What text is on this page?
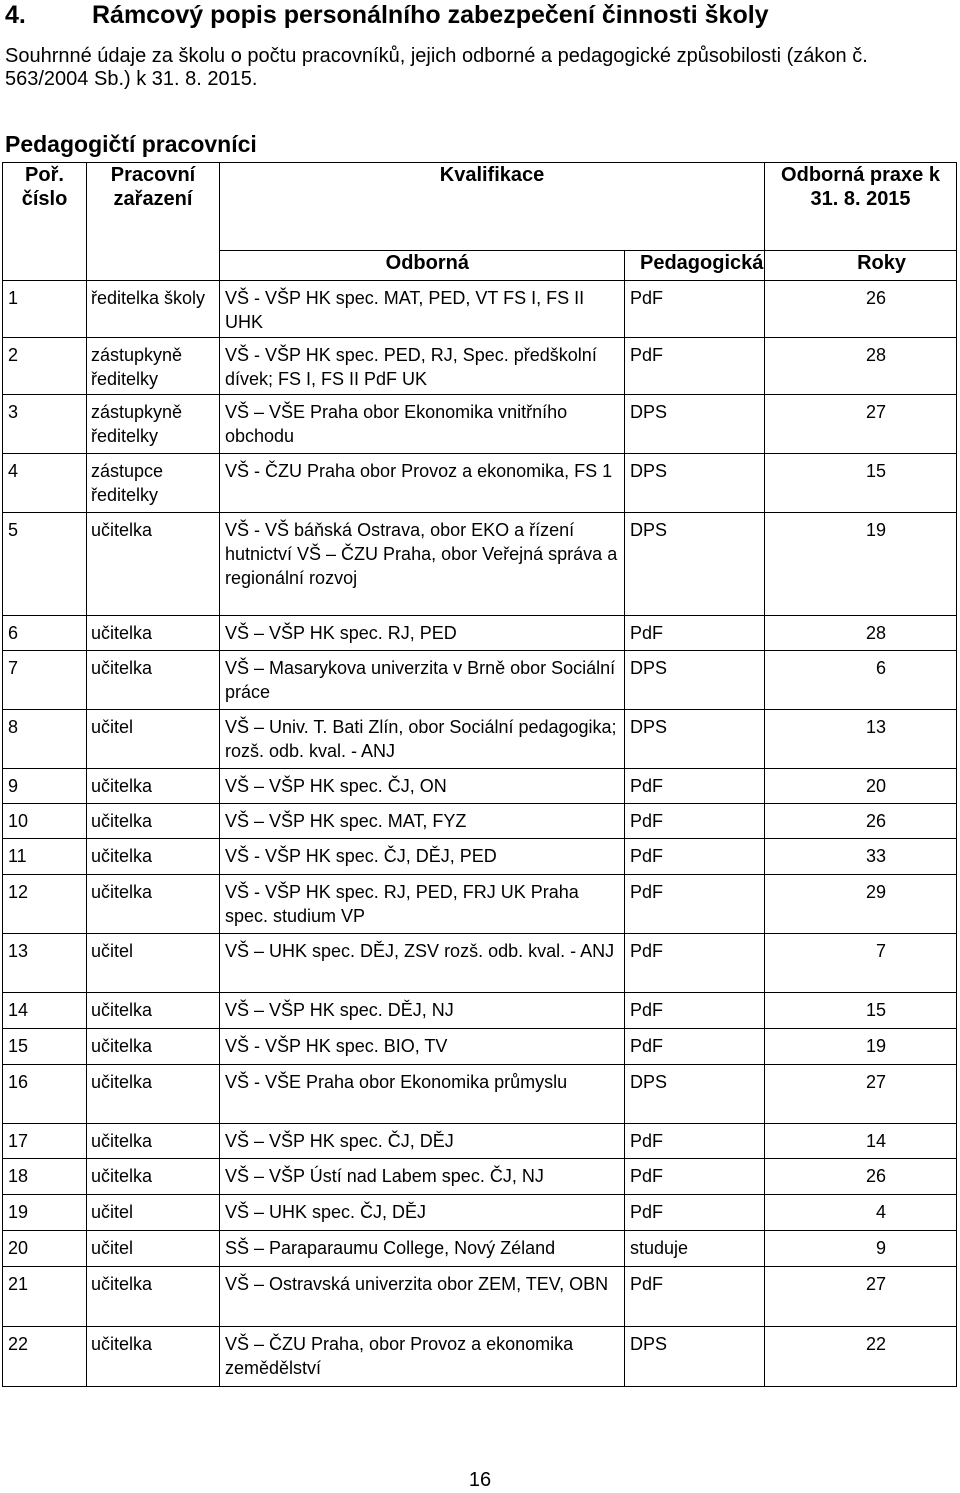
4.	Rámcový popis personálního zabezpečení činnosti školy

Souhrnné údaje za školu o počtu pracovníků, jejich odborné a pedagogické způsobilosti (zákon č. 563/2004 Sb.) k 31. 8. 2015.

Pedagogičtí pracovníci
Poř. číslo	Pracovní zařazení	Kvalifikace		Odborná praxe k 31. 8. 2015
		Odborná	Pedagogická	Roky
1	ředitelka školy	VŠ - VŠP HK spec. MAT, PED, VT FS I, FS II UHK	PdF	26
2	zástupkyně ředitelky	VŠ - VŠP HK spec. PED, RJ, Spec. předškolní dívek; FS I, FS II PdF UK	PdF	28
3	zástupkyně ředitelky	VŠ – VŠE Praha obor Ekonomika vnitřního obchodu	DPS	27
4	zástupce ředitelky	VŠ - ČZU Praha obor Provoz a ekonomika, FS 1	DPS	15
5	učitelka	VŠ - VŠ báňská Ostrava, obor EKO a řízení hutnictví VŠ – ČZU Praha, obor Veřejná správa a regionální rozvoj	DPS	19
6	učitelka	VŠ – VŠP HK spec. RJ, PED	PdF	28
7	učitelka	VŠ – Masarykova univerzita v Brně obor Sociální práce	DPS	6
8	učitel	VŠ – Univ. T. Bati Zlín, obor Sociální pedagogika; rozš. odb. kval. - ANJ	DPS	13
9	učitelka	VŠ – VŠP HK spec. ČJ, ON	PdF	20
10	učitelka	VŠ – VŠP HK spec. MAT, FYZ	PdF	26
11	učitelka	VŠ - VŠP HK spec. ČJ, DĚJ, PED	PdF	33
12	učitelka	VŠ - VŠP HK spec. RJ, PED, FRJ UK Praha spec. studium VP	PdF	29
13	učitel	VŠ – UHK spec. DĚJ, ZSV rozš. odb. kval. - ANJ	PdF	7
14	učitelka	VŠ – VŠP HK spec. DĚJ, NJ	PdF	15
15	učitelka	VŠ - VŠP HK spec. BIO, TV	PdF	19
16	učitelka	VŠ - VŠE Praha obor Ekonomika průmyslu	DPS	27
17	učitelka	VŠ – VŠP HK spec. ČJ, DĚJ	PdF	14
18	učitelka	VŠ – VŠP Ústí nad Labem spec. ČJ, NJ	PdF	26
19	učitel	VŠ – UHK spec. ČJ, DĚJ	PdF	4
20	učitel	SŠ – Paraparaumu College, Nový Zéland	studuje	9
21	učitelka	VŠ – Ostravská univerzita obor ZEM, TEV, OBN	PdF	27
22	učitelka	VŠ – ČZU Praha, obor Provoz a ekonomika zemědělství	DPS	22
16
